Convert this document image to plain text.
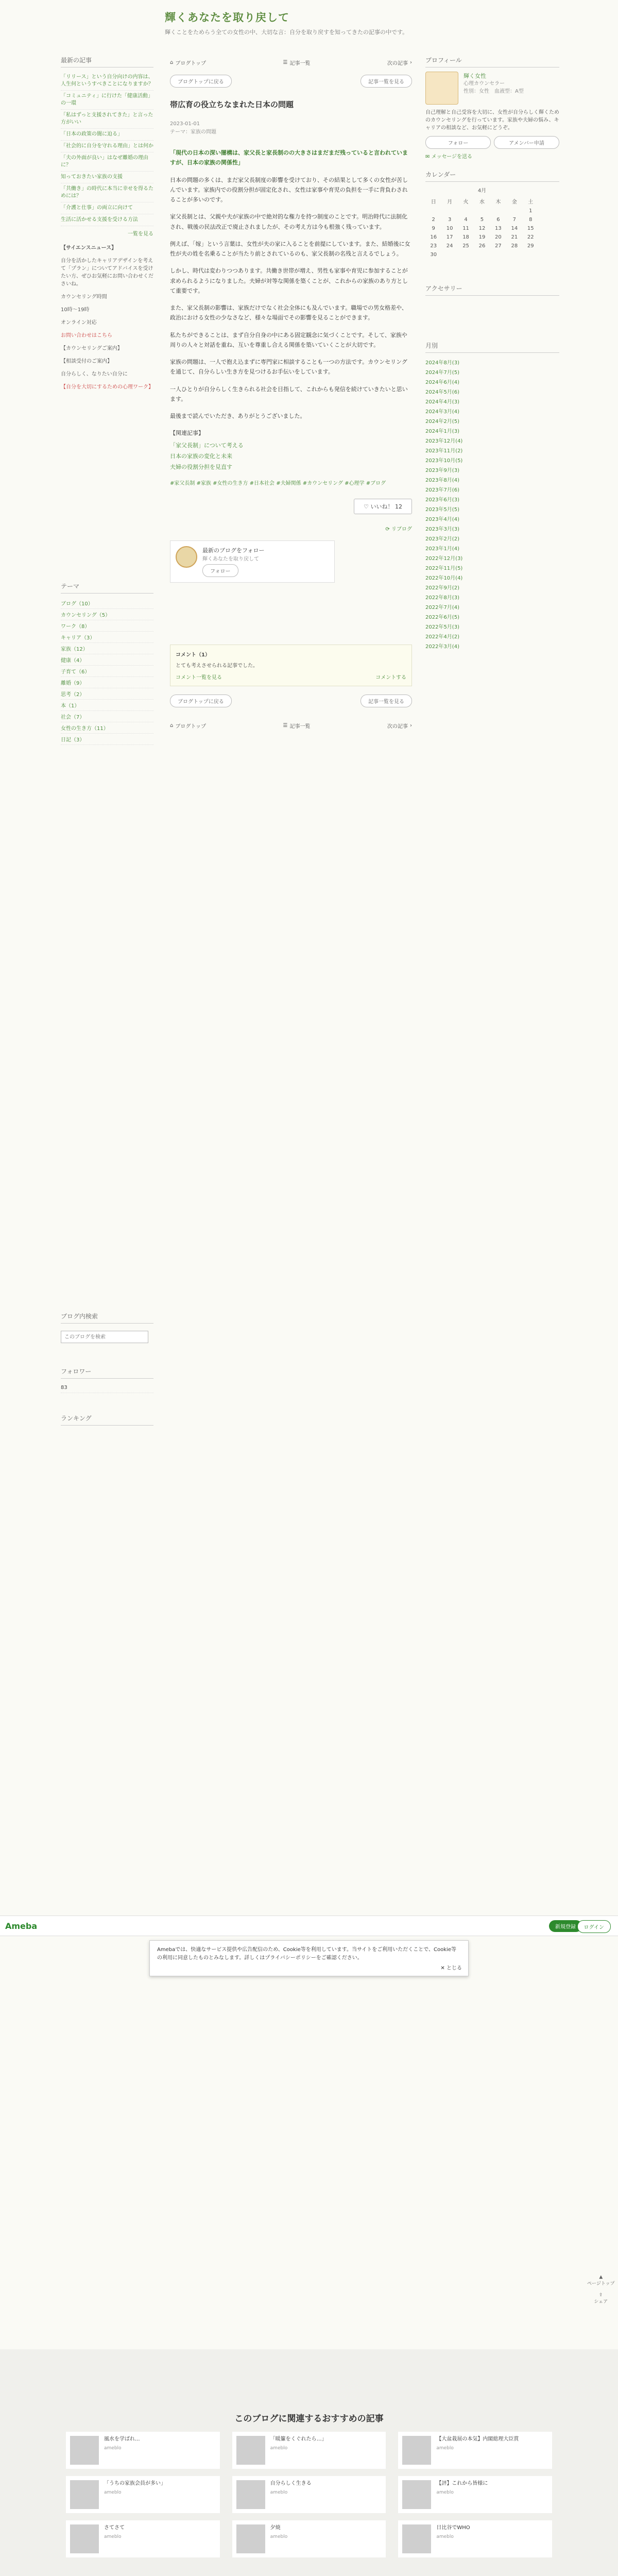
輝くあなたを取り戻して
輝くことをためらう全ての女性の中、大切な言：自分を取り戻すを知ってきたの記事の中です。
最新の記事
「リリース」という自分向けの内容は、人生何というすべきことになりますか？
「コミュニティ」に行けた「健康活動」の一環
「私はずっと支援されてきた」と言った方がいい
「日本の政策の闇に迫る」
「社会的に自分を守れる理由」とは何か
「夫の外面が良い」はなぜ離婚の理由に？
知っておきたい家族の支援
「共働き」の時代に本当に幸せを得るためには？
「介護と仕事」の両立に向けて
生活に活かせる支援を受ける方法
一覧を見る

【サイエンスニュース】

自分を活かしたキャリアデザインを考えて「プラン」についてアドバイスを受けたい方、ぜひお気軽にお問い合わせくださいね。

カウンセリング時間

10時〜19時

オンライン対応

お問い合わせはこちら

【カウンセリングご案内】

【相談受付のご案内】

自分らしく、なりたい自分に

【自分を大切にするための心理ワーク】

テーマ
ブログ（10）
カウンセリング（5）
ワーク（8）
キャリア（3）
家族（12）
健康（4）
子育て（6）
離婚（9）
思考（2）
本（1）
社会（7）
女性の生き方（11）
日記（3）
ブログ内検索
このブログを検索
フォロワー
83
ランキング
⌂ ブログトップ	☰ 記事一覧	次の記事 ›
ブログトップに戻る	記事一覧を見る
帯広育の役立ちなまれた日本の問題
2023-01-01
テーマ：家族の問題

「現代の日本の深い闇構は、家父長と家長制のの大きさはまだまだ残っていると言われていますが、日本の家族の関係性」

日本の問題の多くは、まだ家父長制度の影響を受けており、その結果として多くの女性が苦しんでいます。家族内での役割分担が固定化され、女性は家事や育児の負担を一手に背負わされることが多いのです。

家父長制とは、父親や夫が家族の中で絶対的な権力を持つ制度のことです。明治時代に法制化され、戦後の民法改正で廃止されましたが、その考え方は今も根強く残っています。

例えば、「嫁」という言葉は、女性が夫の家に入ることを前提にしています。また、結婚後に女性が夫の姓を名乗ることが当たり前とされているのも、家父長制の名残と言えるでしょう。

しかし、時代は変わりつつあります。共働き世帯が増え、男性も家事や育児に参加することが求められるようになりました。夫婦が対等な関係を築くことが、これからの家族のあり方として重要です。

また、家父長制の影響は、家族だけでなく社会全体にも及んでいます。職場での男女格差や、政治における女性の少なさなど、様々な場面でその影響を見ることができます。

私たちができることは、まず自分自身の中にある固定観念に気づくことです。そして、家族や周りの人々と対話を重ね、互いを尊重し合える関係を築いていくことが大切です。

家族の問題は、一人で抱え込まずに専門家に相談することも一つの方法です。カウンセリングを通じて、自分らしい生き方を見つけるお手伝いをしています。

一人ひとりが自分らしく生きられる社会を目指して、これからも発信を続けていきたいと思います。

最後まで読んでいただき、ありがとうございました。

【関連記事】

「家父長制」について考える

日本の家族の変化と未来

夫婦の役割分担を見直す

#家父長制 #家族 #女性の生き方 #日本社会 #夫婦関係 #カウンセリング #心理学 #ブログ
♡ いいね！ 12
⟳ リブログ
最新のブログをフォロー
輝くあなたを取り戻して
フォロー
コメント（1）
とても考えさせられる記事でした。
コメント一覧を見る	コメントする
ブログトップに戻る	記事一覧を見る
⌂ ブログトップ	☰ 記事一覧	次の記事 ›
プロフィール
輝く女性
心理カウンセラー
性別：女性　血液型：A型
自己理解と自己受容を大切に、女性が自分らしく輝くためのカウンセリングを行っています。家族や夫婦の悩み、キャリアの相談など、お気軽にどうぞ。
フォロー	アメンバー申請
✉ メッセージを送る
カレンダー
4月
日	月	火	水	木	金	土
						1
2	3	4	5	6	7	8
9	10	11	12	13	14	15
16	17	18	19	20	21	22
23	24	25	26	27	28	29
30						
アクセサリー
月別
2024年8月(3)
2024年7月(5)
2024年6月(4)
2024年5月(6)
2024年4月(3)
2024年3月(4)
2024年2月(5)
2024年1月(3)
2023年12月(4)
2023年11月(2)
2023年10月(5)
2023年9月(3)
2023年8月(4)
2023年7月(6)
2023年6月(3)
2023年5月(5)
2023年4月(4)
2023年3月(3)
2023年2月(2)
2023年1月(4)
2022年12月(3)
2022年11月(5)
2022年10月(4)
2022年9月(2)
2022年8月(3)
2022年7月(4)
2022年6月(5)
2022年5月(3)
2022年4月(2)
2022年3月(4)
▲
ページトップ
⇪
シェア
Ameba	新規登録	ログイン
Amebaでは、快適なサービス提供や広告配信のため、Cookie等を利用しています。当サイトをご利用いただくことで、Cookie等の利用に同意したものとみなします。詳しくはプライバシーポリシーをご確認ください。
✕ とじる
このブログに関連するおすすめの記事
風水を学ばれ...
ameblo
「暖簾をくぐれたら…」
ameblo
【大盆栽展の本気】内閣総理大臣賞
ameblo
「うちの家族会員が多い」
ameblo
自分らしく生きる
ameblo
【評】これから皆様に
ameblo
さてさて
ameblo
夕焼
ameblo
日比谷でWHO
ameblo
